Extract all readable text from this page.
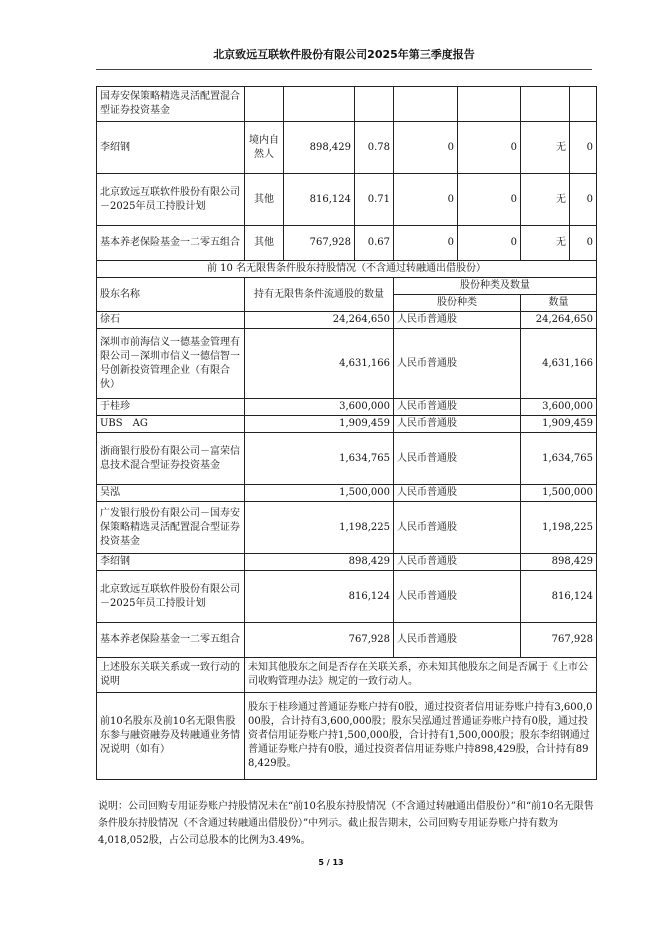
北京致远互联软件股份有限公司2025年第三季度报告
国寿安保策略精选灵活配置混合型证券投资基金							
李绍钢	境内自然人	898,429	0.78	0	0	无	0
北京致远互联软件股份有限公司－2025年员工持股计划	其他	816,124	0.71	0	0	无	0
基本养老保险基金一二零五组合	其他	767,928	0.67	0	0	无	0
前 10 名无限售条件股东持股情况（不含通过转融通出借股份）							
股东名称	持有无限售条件流通股的数量			股份种类及数量			
				股份种类		数量	
徐石	24,264,650			人民币普通股		24,264,650	
深圳市前海信义一德基金管理有限公司－深圳市信义一德信智一号创新投资管理企业（有限合伙）	4,631,166			人民币普通股		4,631,166	
于桂珍	3,600,000			人民币普通股		3,600,000	
UBS　AG	1,909,459			人民币普通股		1,909,459	
浙商银行股份有限公司－富荣信息技术混合型证券投资基金	1,634,765			人民币普通股		1,634,765	
吴泓	1,500,000			人民币普通股		1,500,000	
广发银行股份有限公司－国寿安保策略精选灵活配置混合型证券投资基金	1,198,225			人民币普通股		1,198,225	
李绍钢	898,429			人民币普通股		898,429	
北京致远互联软件股份有限公司－2025年员工持股计划	816,124			人民币普通股		816,124	
基本养老保险基金一二零五组合	767,928			人民币普通股		767,928	
上述股东关联关系或一致行动的说明	未知其他股东之间是否存在关联关系，亦未知其他股东之间是否属于《上市公司收购管理办法》规定的一致行动人。						
前10名股东及前10名无限售股东参与融资融券及转融通业务情况说明（如有）	股东于桂珍通过普通证券账户持有0股，通过投资者信用证券账户持有3,600,000股，合计持有3,600,000股；股东吴泓通过普通证券账户持有0股，通过投资者信用证券账户持1,500,000股，合计持有1,500,000股；股东李绍钢通过普通证券账户持有0股，通过投资者信用证券账户持898,429股，合计持有898,429股。						
说明：公司回购专用证券账户持股情况未在“前10名股东持股情况（不含通过转融通出借股份）”和“前10名无限售条件股东持股情况（不含通过转融通出借股份）”中列示。截止报告期末，公司回购专用证券账户持有数为4,018,052股，占公司总股本的比例为3.49%。
5 / 13
